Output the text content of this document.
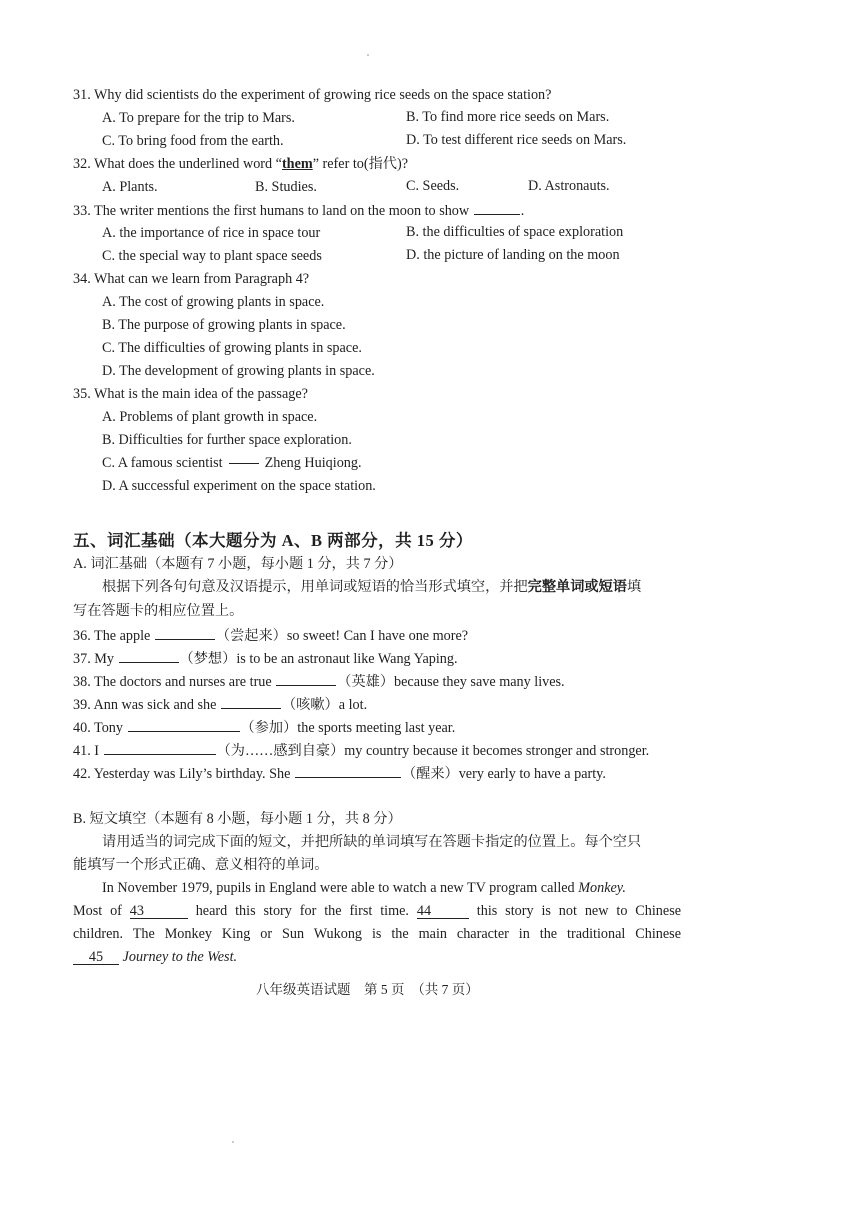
31. Why did scientists do the experiment of growing rice seeds on the space station?
A. To prepare for the trip to Mars.	B. To find more rice seeds on Mars.
C. To bring food from the earth.	D. To test different rice seeds on Mars.
32. What does the underlined word “them” refer to(指代)?
A. Plants.	B. Studies.	C. Seeds.	D. Astronauts.
33. The writer mentions the first humans to land on the moon to show	.
A. the importance of rice in space tour	B. the difficulties of space exploration
C. the special way to plant space seeds	D. the picture of landing on the moon
34. What can we learn from Paragraph 4?
A. The cost of growing plants in space.
B. The purpose of growing plants in space.
C. The difficulties of growing plants in space.
D. The development of growing plants in space.
35. What is the main idea of the passage?
A. Problems of plant growth in space.
B. Difficulties for further space exploration.
C. A famous scientist	Zheng Huiqiong.
D. A successful experiment on the space station.
五、词汇基础（本大题分为 A、B 两部分，共 15 分）
A. 词汇基础（本题有 7 小题，每小题 1 分，共 7 分）
根据下列各句句意及汉语提示，用单词或短语的恰当形式填空，并把完整单词或短语填
写在答题卡的相应位置上。
36. The apple	（尝起来）so sweet! Can I have one more?
37. My	（梦想）is to be an astronaut like Wang Yaping.
38. The doctors and nurses are true	（英雄）because they save many lives.
39. Ann was sick and she	（咳嗽）a lot.
40. Tony	（参加）the sports meeting last year.
41. I	（为……感到自豪）my country because it becomes stronger and stronger.
42. Yesterday was Lily’s birthday. She	（醒来）very early to have a party.
B. 短文填空（本题有 8 小题，每小题 1 分，共 8 分）
请用适当的词完成下面的短文，并把所缺的单词填写在答题卡指定的位置上。每个空只
能填写一个形式正确、意义相符的单词。
In November 1979, pupils in England were able to watch a new TV program called Monkey.
Most of 43	heard this story for the first time. 44	this story is not new to Chinese
children. The Monkey King or Sun Wukong is the main character in the traditional Chinese
45 Journey to the West.
八年级英语试题　第 5 页　（共 7 页）
